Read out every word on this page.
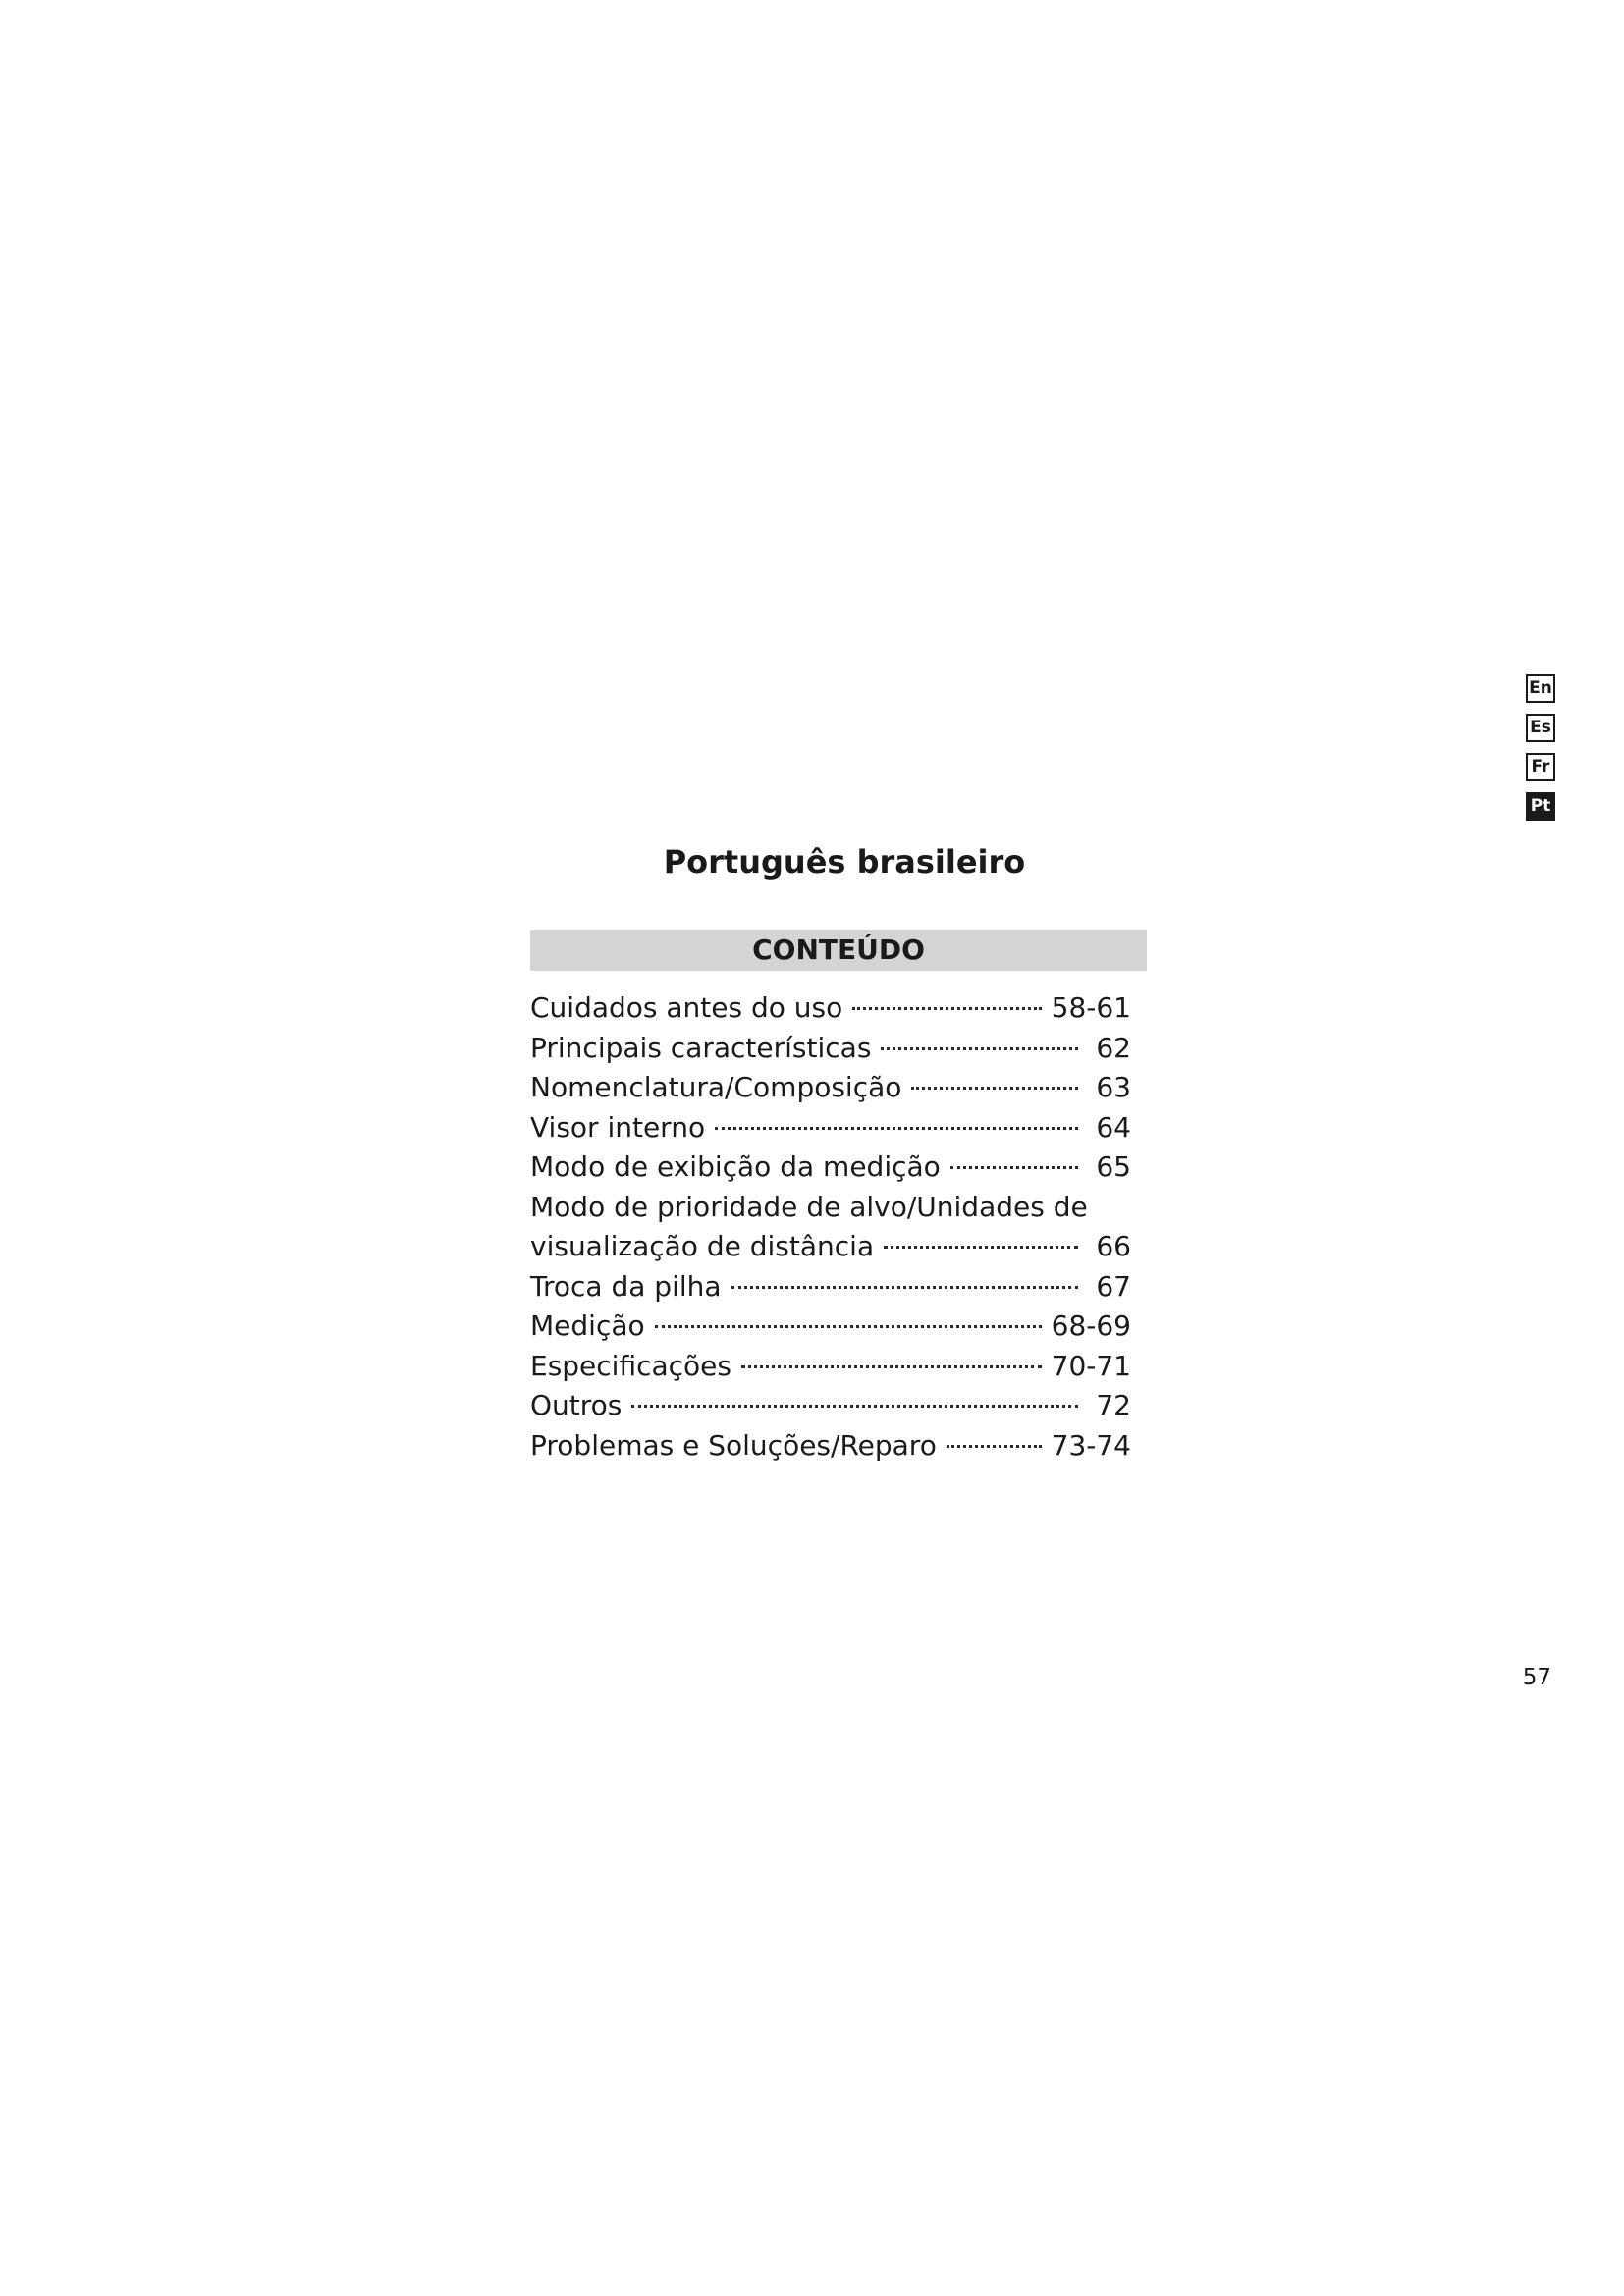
Português brasileiro
CONTEÚDO
Cuidados antes do uso	58-61
Principais características	62
Nomenclatura/Composição	63
Visor interno	64
Modo de exibição da medição	65
Modo de prioridade de alvo/Unidades de
visualização de distância	66
Troca da pilha	67
Medição	68-69
Especificações	70-71
Outros	72
Problemas e Soluções/Reparo	73-74
En
Es
Fr
Pt
57
